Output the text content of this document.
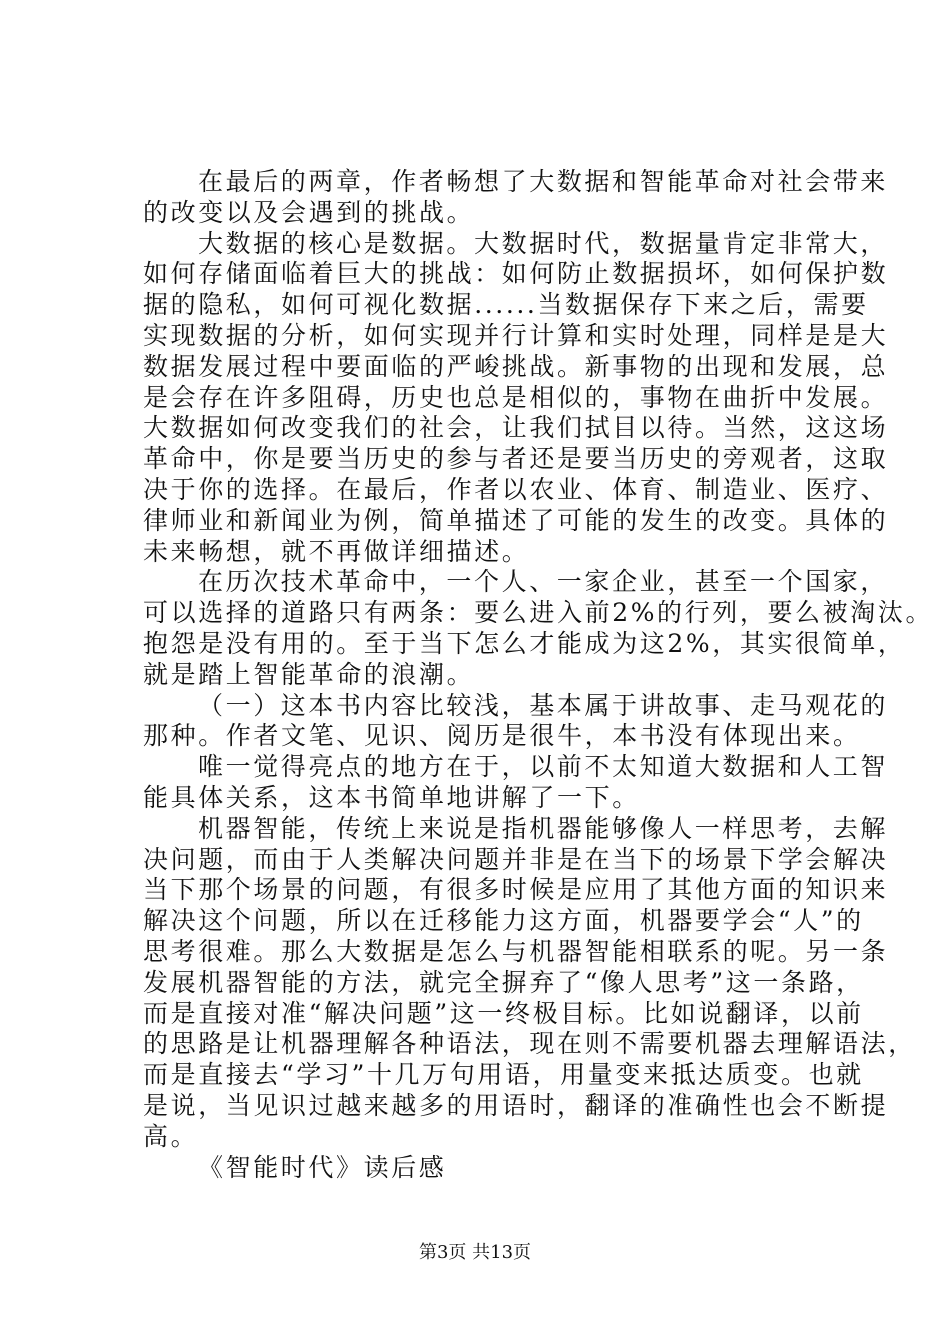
在最后的两章，作者畅想了大数据和智能革命对社会带来
的改变以及会遇到的挑战。
大数据的核心是数据。大数据时代，数据量肯定非常大，
如何存储面临着巨大的挑战：如何防止数据损坏，如何保护数
据的隐私，如何可视化数据......当数据保存下来之后，需要
实现数据的分析，如何实现并行计算和实时处理，同样是是大
数据发展过程中要面临的严峻挑战。新事物的出现和发展，总
是会存在许多阻碍，历史也总是相似的，事物在曲折中发展。
大数据如何改变我们的社会，让我们拭目以待。当然，这这场
革命中，你是要当历史的参与者还是要当历史的旁观者，这取
决于你的选择。在最后，作者以农业、体育、制造业、医疗、
律师业和新闻业为例，简单描述了可能的发生的改变。具体的
未来畅想，就不再做详细描述。
在历次技术革命中，一个人、一家企业，甚至一个国家，
可以选择的道路只有两条：要么进入前2%的行列，要么被淘汰。
抱怨是没有用的。至于当下怎么才能成为这2%，其实很简单，
就是踏上智能革命的浪潮。
（一）这本书内容比较浅，基本属于讲故事、走马观花的
那种。作者文笔、见识、阅历是很牛，本书没有体现出来。
唯一觉得亮点的地方在于，以前不太知道大数据和人工智
能具体关系，这本书简单地讲解了一下。
机器智能，传统上来说是指机器能够像人一样思考，去解
决问题，而由于人类解决问题并非是在当下的场景下学会解决
当下那个场景的问题，有很多时候是应用了其他方面的知识来
解决这个问题，所以在迁移能力这方面，机器要学会“人”的
思考很难。那么大数据是怎么与机器智能相联系的呢。另一条
发展机器智能的方法，就完全摒弃了“像人思考”这一条路，
而是直接对准“解决问题”这一终极目标。比如说翻译，以前
的思路是让机器理解各种语法，现在则不需要机器去理解语法，
而是直接去“学习”十几万句用语，用量变来抵达质变。也就
是说，当见识过越来越多的用语时，翻译的准确性也会不断提
高。
《智能时代》读后感
第3页 共13页
